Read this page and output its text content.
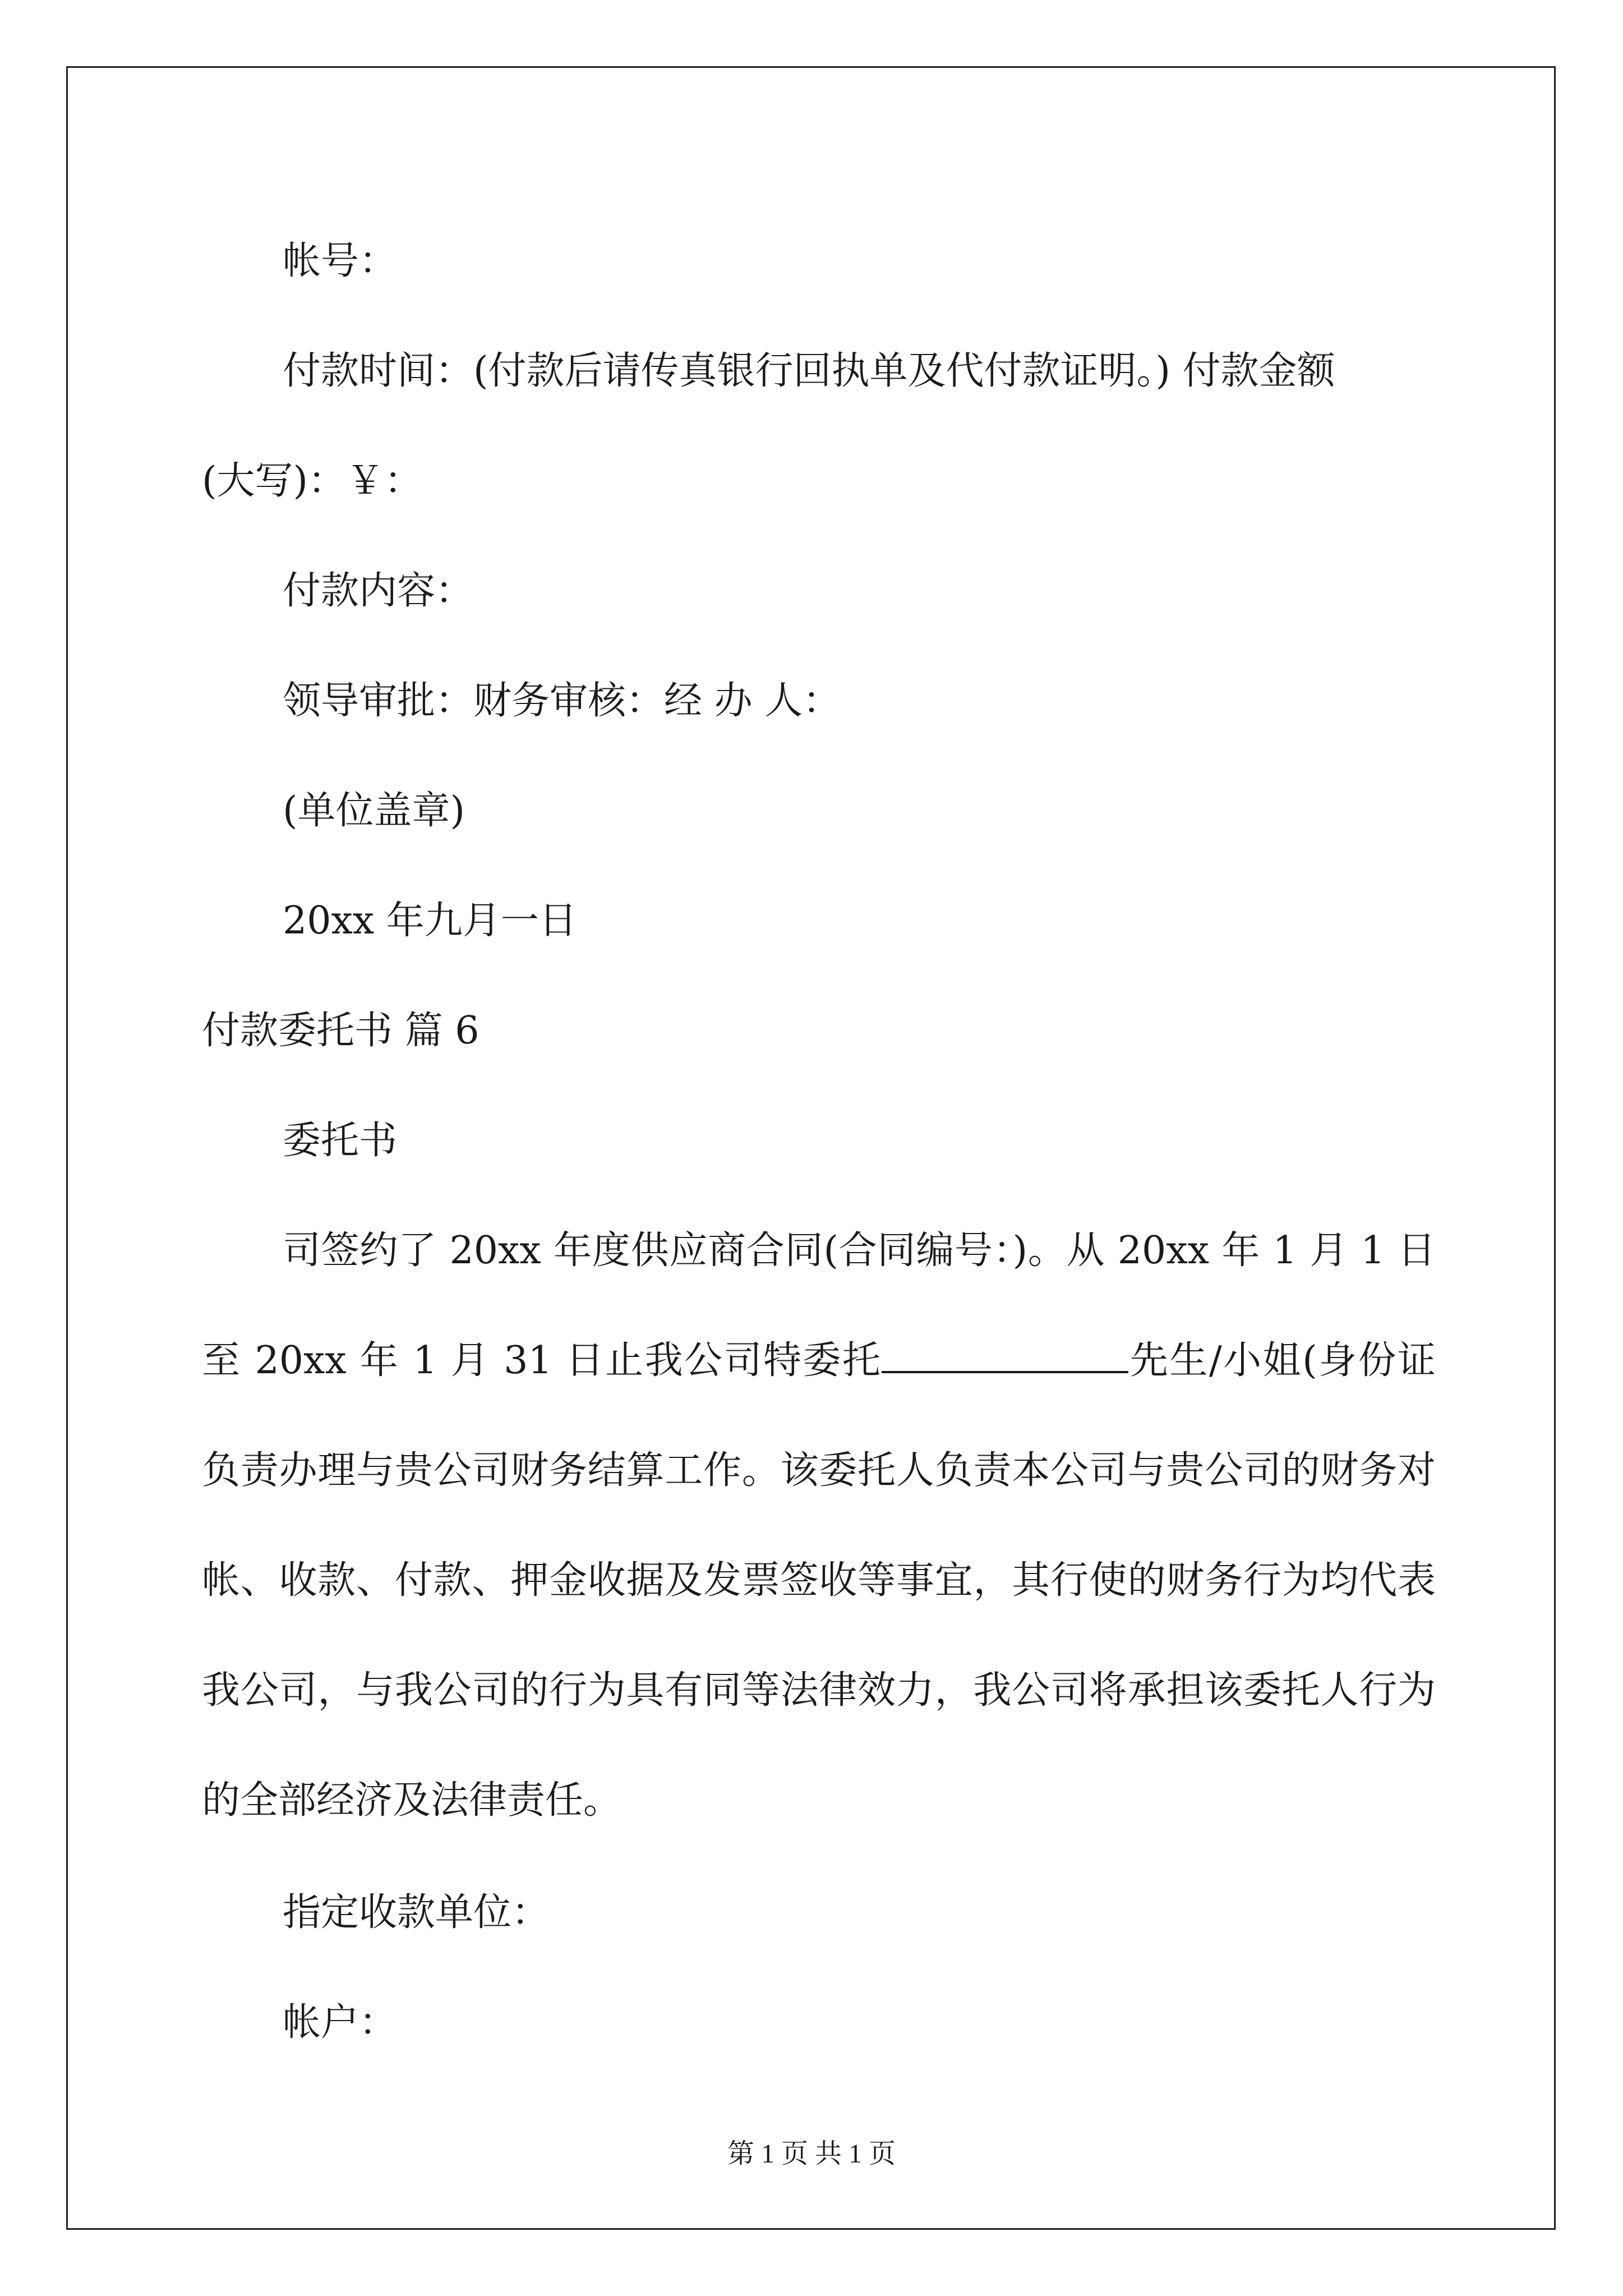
帐号：
付款时间：(付款后请传真银行回执单及代付款证明。) 付款金额
(大写)：￥：
付款内容：
领导审批：财务审核：经 办 人：
(单位盖章)
20xx 年九月一日
付款委托书 篇 6
委托书
司签约了 20xx 年度供应商合同(合同编号：)。从 20xx 年 1 月 1 日至 20xx 年 1 月 31 日止我公司特委托	先生/小姐(身份证负责办理与贵公司财务结算工作。该委托人负责本公司与贵公司的财务对帐、收款、付款、押金收据及发票签收等事宜，其行使的财务行为均代表我公司，与我公司的行为具有同等法律效力，我公司将承担该委托人行为的全部经济及法律责任。
指定收款单位：
帐户：
第 1 页 共 1 页
